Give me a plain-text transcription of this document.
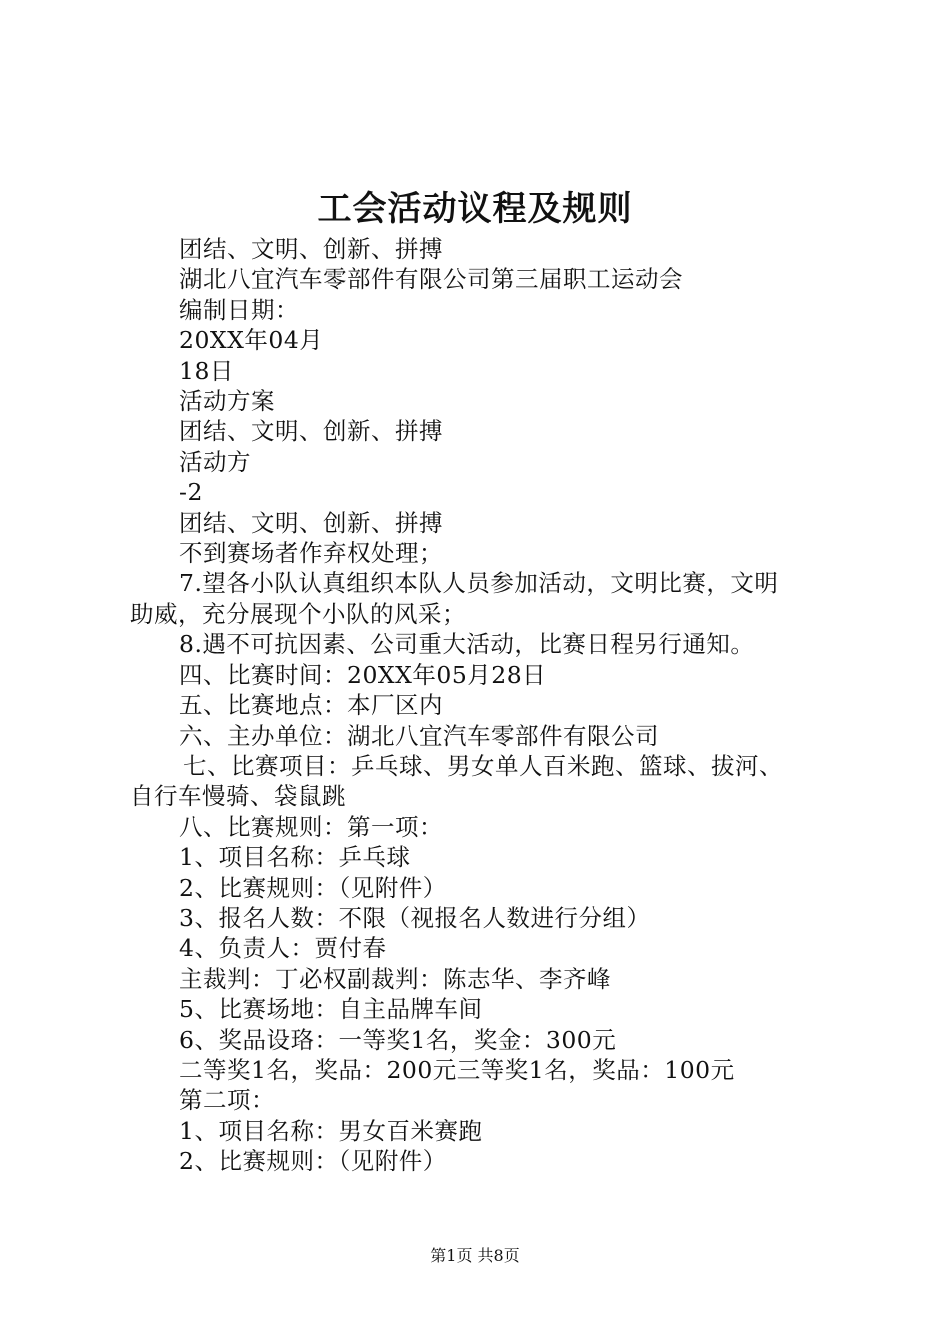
工会活动议程及规则
团结、文明、创新、拼搏
湖北八宜汽车零部件有限公司第三届职工运动会
编制日期：
20XX年04月
18日
活动方案
团结、文明、创新、拼搏
活动方
-2
团结、文明、创新、拼搏
不到赛场者作弃权处理；
7.望各小队认真组织本队人员参加活动，文明比赛，文明
助威，充分展现个小队的风采；
8.遇不可抗因素、公司重大活动，比赛日程另行通知。
四、比赛时间：20XX年05月28日
五、比赛地点：本厂区内
六、主办单位：湖北八宜汽车零部件有限公司
七、比赛项目：乒乓球、男女单人百米跑、篮球、拔河、
自行车慢骑、袋鼠跳
八、比赛规则：第一项：
1、项目名称：乒乓球
2、比赛规则：（见附件）
3、报名人数：不限（视报名人数进行分组）
4、负责人：贾付春
主裁判：丁必权副裁判：陈志华、李齐峰
5、比赛场地：自主品牌车间
6、奖品设珞：一等奖1名，奖金：300元
二等奖1名，奖品：200元三等奖1名，奖品：100元
第二项：
1、项目名称：男女百米赛跑
2、比赛规则：（见附件）
第1页 共8页
